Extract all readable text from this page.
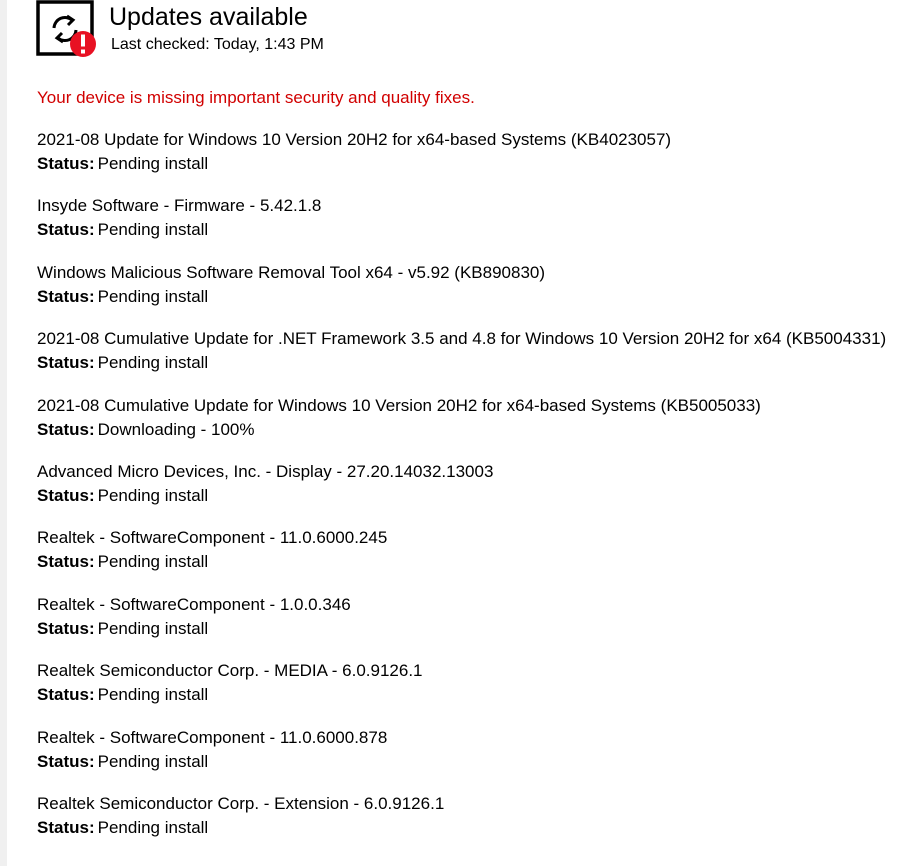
Updates available
Last checked: Today, 1:43 PM
Your device is missing important security and quality fixes.
2021-08 Update for Windows 10 Version 20H2 for x64-based Systems (KB4023057)
Status: Pending install
Insyde Software - Firmware - 5.42.1.8
Status: Pending install
Windows Malicious Software Removal Tool x64 - v5.92 (KB890830)
Status: Pending install
2021-08 Cumulative Update for .NET Framework 3.5 and 4.8 for Windows 10 Version 20H2 for x64 (KB5004331)
Status: Pending install
2021-08 Cumulative Update for Windows 10 Version 20H2 for x64-based Systems (KB5005033)
Status: Downloading - 100%
Advanced Micro Devices, Inc. - Display - 27.20.14032.13003
Status: Pending install
Realtek - SoftwareComponent - 11.0.6000.245
Status: Pending install
Realtek - SoftwareComponent - 1.0.0.346
Status: Pending install
Realtek Semiconductor Corp. - MEDIA - 6.0.9126.1
Status: Pending install
Realtek - SoftwareComponent - 11.0.6000.878
Status: Pending install
Realtek Semiconductor Corp. - Extension - 6.0.9126.1
Status: Pending install
